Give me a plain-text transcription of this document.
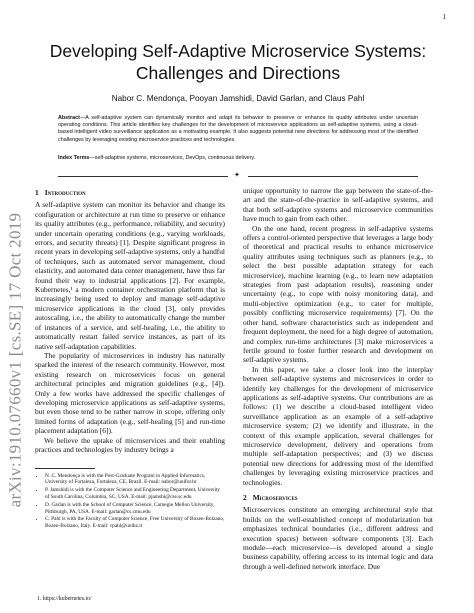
1
arXiv:1910.07660v1 [cs.SE] 17 Oct 2019
Developing Self-Adaptive Microservice Systems: Challenges and Directions
Nabor C. Mendonça, Pooyan Jamshidi, David Garlan, and Claus Pahl
Abstract—A self-adaptive system can dynamically monitor and adapt its behavior to preserve or enhance its quality attributes under uncertain operating conditions. This article identifies key challenges for the development of microservice applications as self-adaptive systems, using a cloud-based intelligent video surveillance application as a motivating example. It also suggests potential new directions for addressing most of the identified challenges by leveraging existing microservice practices and technologies.
Index Terms—self-adaptive systems, microservices, DevOps, continuous delivery.
✦
1 Introduction

A self-adaptive system can monitor its behavior and change its configuration or architecture at run time to preserve or enhance its quality attributes (e.g., performance, reliability, and security) under uncertain operating conditions (e.g., varying workloads, errors, and security threats) [1]. Despite significant progress in recent years in developing self-adaptive systems, only a handful of techniques, such as automated server management, cloud elasticity, and automated data center management, have thus far found their way to industrial applications [2]. For example, Kubernetes,¹ a modern container orchestration platform that is increasingly being used to deploy and manage self-adaptive microservice applications in the cloud [3], only provides autoscaling, i.e., the ability to automatically change the number of instances of a service, and self-healing, i.e., the ability to automatically restart failed service instances, as part of its native self-adaptation capabilities.

The popularity of microservices in industry has naturally sparked the interest of the research community. However, most existing research on microservices focus on general architectural principles and migration guidelines (e.g., [4]). Only a few works have addressed the specific challenges of developing microservice applications as self-adaptive systems, but even those tend to be rather narrow in scope, offering only limited forms of adaptation (e.g., self-healing [5] and run-time placement adaptation [6]).

We believe the uptake of microservices and their enabling practices and technologies by industry brings a

• N. C. Mendonça is with the Post-Graduate Program in Applied Informatics, University of Fortaleza, Fortaleza, CE, Brazil. E-mail: nabor@unifor.br
• P. Jamshidi is with the Computer Science and Engineering Department, University of South Carolina, Columbia, SC, USA. E-mail: pjamshi@cse.sc.edu
• D. Garlan is with the School of Computer Science, Carnegie Mellon University, Pittsburgh, PA, USA. E-mail: garlan@cs.cmu.edu
• C. Pahl is with the Faculty of Computer Science, Free University of Bozen-Bolzano, Bozen-Bolzano, Italy. E-mail: cpahl@unibz.it
1. https://kubernetes.io/

unique opportunity to narrow the gap between the state-of-the-art and the state-of-the-practice in self-adaptive systems, and that both self-adaptive systems and microservice communities have much to gain from each other.

On the one hand, recent progress in self-adaptive systems offers a control-oriented perspective that leverages a large body of theoretical and practical results to enhance microservice quality attributes using techniques such as planners (e.g., to select the best possible adaptation strategy for each microservice), machine learning (e.g., to learn new adaptation strategies from past adaptation results), reasoning under uncertainty (e.g., to cope with noisy monitoring data), and multi-objective optimization (e.g., to cater for multiple, possibly conflicting microservice requirements) [7]. On the other hand, software characteristics such as independent and frequent deployment, the need for a high degree of automation, and complex run-time architectures [3] make microservices a fertile ground to foster further research and development on self-adaptive systems.

In this paper, we take a closer look into the interplay between self-adaptive systems and microservices in order to identify key challenges for the development of microservice applications as self-adaptive systems. Our contributions are as follows: (1) we describe a cloud-based intelligent video surveillance application as an example of a self-adaptive microservice system; (2) we identify and illustrate, in the context of this example application, several challenges for microservice development, delivery and operations from multiple self-adaptation perspectives; and (3) we discuss potential new directions for addressing most of the identified challenges by leveraging existing microservice practices and technologies.

2 Microservices

Microservices constitute an emerging architectural style that builds on the well-established concept of modularization but emphasizes technical boundaries (i.e., different address and execution spaces) between software components [3]. Each module—each microservice—is developed around a single business capability, offering access to its internal logic and data through a well-defined network interface. Due
